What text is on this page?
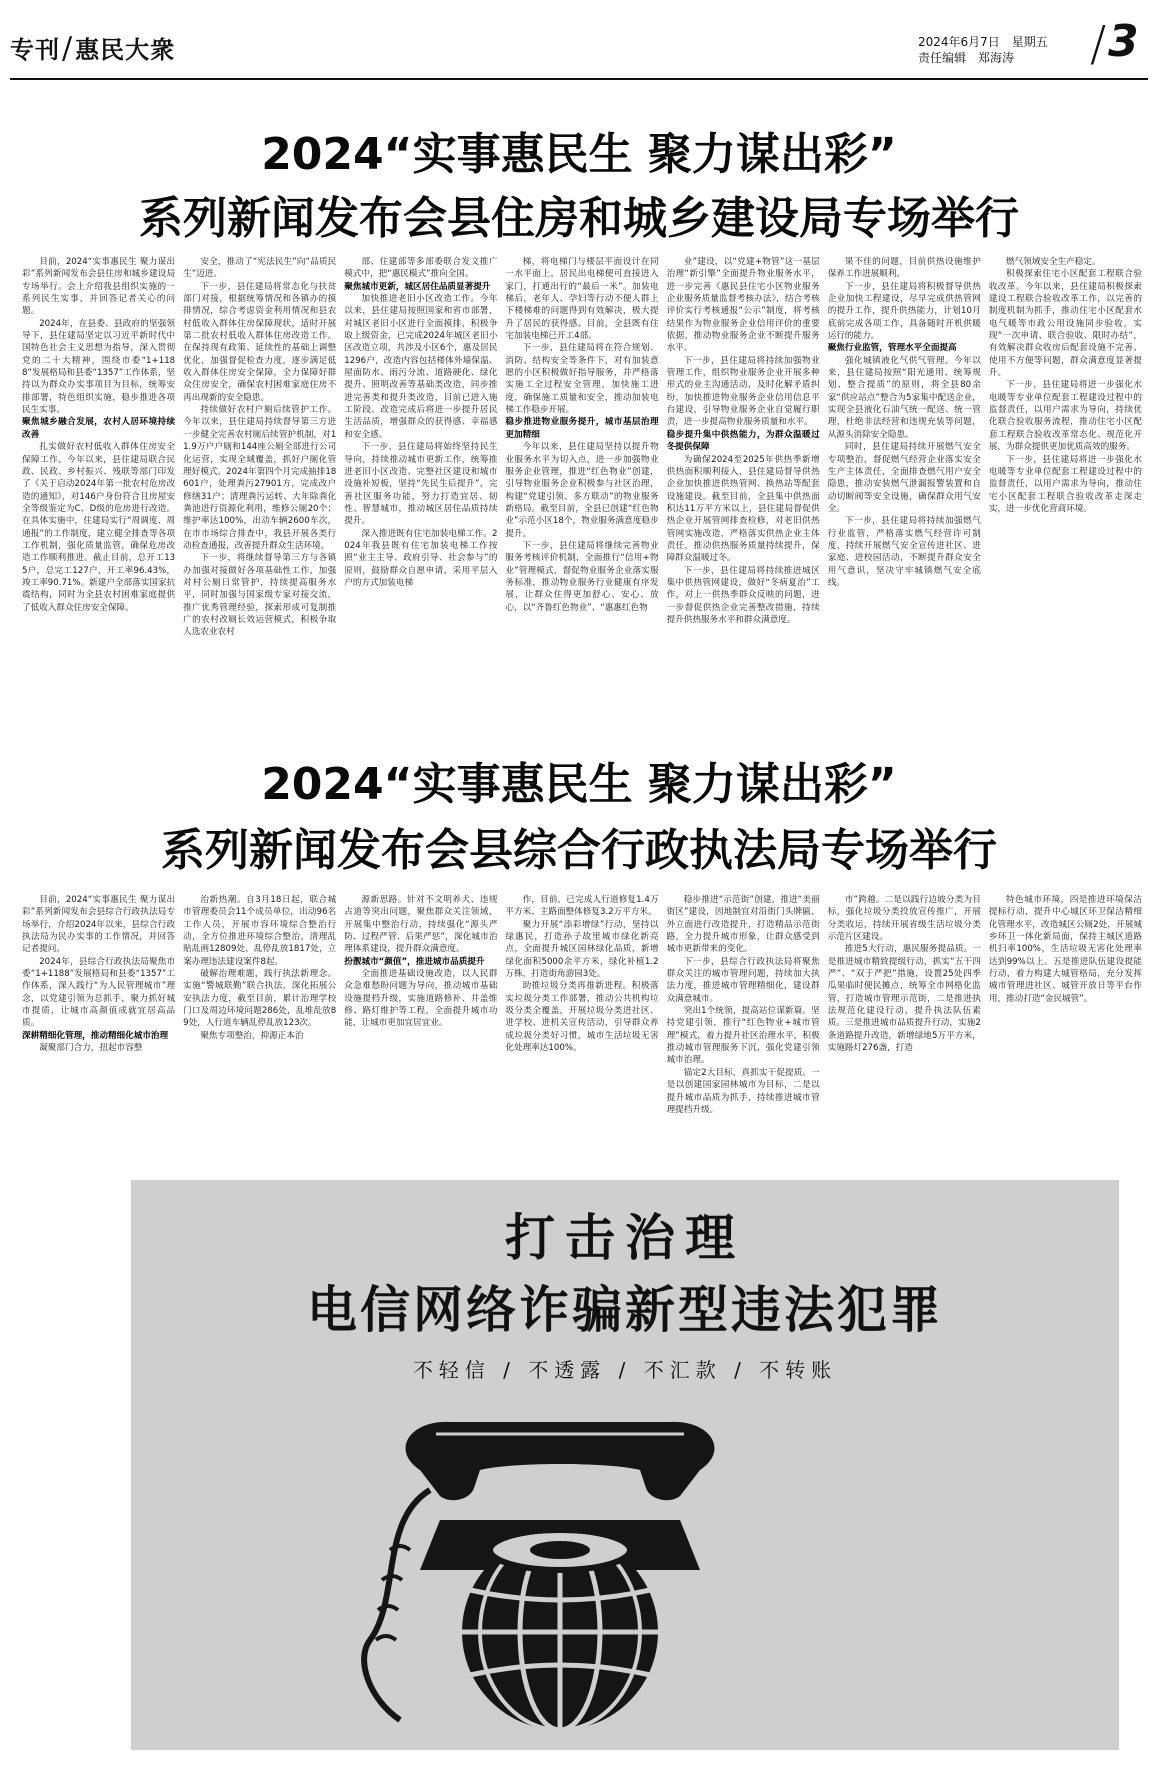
专刊/惠民大衆	2024年6月7日　星期五
责任编辑　郑海涛	/ 3
2024“实事惠民生 聚力谋出彩”
系列新闻发布会县住房和城乡建设局专场举行

目前，2024“实事惠民生 聚力谋出彩”系列新闻发布会县住房和城乡建设局专场举行。会上介绍我县组织实施的一系列民生实事，并回答记者关心的问题。

2024年，在县委、县政府的坚强领导下，县住建局坚定以习近平新时代中国特色社会主义思想为指导，深入贯彻党的二十大精神，围绕市委“1+1188”发展格局和县委“1357”工作体系，坚持以为群众办实事项目为目标，统筹安排部署，特色组织实施，稳步推进各项民生实事。

聚焦城乡融合发展，农村人居环境持续改善

扎实做好农村低收入群体住房安全保障工作。今年以来，县住建局联合民政、民政、乡村振兴、残联等部门印发了《关于启动2024年第一批农村危房改造的通知》，对146户身份符合且房屋安全等级鉴定为C、D级的危房进行改造。在具体实施中，住建局实行“周调度、周通报”的工作制度，建立健全排查等各项工作机制，强化质量监管，确保危房改造工作顺利推进。截止目前，总开工135户，总完工127户，开工率96.43%，竣工率90.71%。新建户全部落实国家抗震结构，同时为全县农村困难家庭提供了低收入群众住房安全保障。

安全，推动了“宪法民生”向“品质民生”迈进。

下一步，县住建局将常态化与扶贫部门对接，根据统筹情况和各镇办的摸排情况，综合考虑资金利用情况和县农村低收入群体住房保障现状，适时开展第二批农村低收入群体住房改造工作。在保持现有政策、延续性的基础上调整优化，加强督促检查力度，逐步满足低收入群体住房安全保障，全力保障好群众住房安全，确保农村困难家庭住房不再出现新的安全隐患。

持续做好农村户厕后续管护工作。今年以来，县住建局持续督导第三方进一步健全完善农村厕后续管护机制，对11.9万户户厕和144座公厕全部进行公司化运营，实现全域覆盖，抓好户厕化管理好模式。2024年第四个月完成抽排18601户，处理粪污27901方，完成改户修缮31户；清理粪污运转、大年除粪化粪池进行资源化利用，维修公厕20个；维护率达100%，出动车辆2600车次，在市市场综合排查中，我县开展各类行动检查通报，改善提升群众生活环境。

下一步，将继续督导第三方与各镇办加强对接做好各项基础性工作，加强对村公厕日常管护，持续提高服务水平，同时加强与国家级专家对接交流，推广优秀管理经验，探索形成可复制推广的农村改厕长效运营模式，积极争取人选农业农村

部、住建部等多部委联合发文推广模式中，把“惠民模式”推向全国。

聚焦城市更新，城区居住品质显著提升

加快推进老旧小区改造工作。今年以来，县住建局按照国家和省市部署，对城区老旧小区进行全面摸排，积极争取上级资金，已完成2024年城区老旧小区改造立项，共涉及小区6个，惠及居民1296户，改造内容包括楼体外墙保温、屋面防水、雨污分流、道路硬化、绿化提升、照明改善等基础类改造，同步推进完善类和提升类改造，目前已进入施工阶段。改造完成后将进一步提升居民生活品质，增强群众的获得感、幸福感和安全感。

下一步，县住建局将始终坚持民生导向，持续推动城市更新工作，统筹推进老旧小区改造、完整社区建设和城市设施补短板，坚持“先民生后提升”，完善社区服务功能，努力打造宜居、韧性、智慧城市，推动城区居住品质持续提升。

深入推进既有住宅加装电梯工作。2024年我县既有住宅加装电梯工作按照“业主主导、政府引导、社会参与”的原则，鼓励群众自愿申请，采用平层入户的方式加装电梯

梯，将电梯门与楼层平面设计在同一水平面上，居民出电梯便可直接进入家门，打通出行的“最后一米”。加装电梯后，老年人、孕妇等行动不便人群上下楼梯难的问题得到有效解决，极大提升了居民的获得感。目前，全县既有住宅加装电梯已开工4部。

下一步，县住建局将在符合规划、消防、结构安全等条件下，对有加装意愿的小区积极做好指导服务，并严格落实施工全过程安全管理，加快施工进度，确保施工质量和安全，推动加装电梯工作稳步开展。

稳步推进物业服务提升，城市基层治理更加精细

今年以来，县住建局坚持以提升物业服务水平为切入点，进一步加强物业服务企业管理，推进“红色物业”创建，引导物业服务企业积极参与社区治理，构建“党建引领、多方联动”的物业服务新格局。截至目前，全县已创建“红色物业”示范小区18个，物业服务满意度稳步提升。

下一步，县住建局将继续完善物业服务考核评价机制，全面推行“信用+物业”管理模式，督促物业服务企业落实服务标准，推动物业服务行业健康有序发展，让群众住得更加舒心、安心、放心，以“齐鲁红色物业”、“惠惠红色物

业”建设，以“党建+物管”这一基层治理“新引擎”全面提升物业服务水平，进一步完善《惠民县住宅小区物业服务企业服务质量监督考核办法》，结合考核评价实行考核通报“公示”制度，将考核结果作为物业服务企业信用评价的重要依据，推动物业服务企业不断提升服务水平。

下一步，县住建局将持续加强物业管理工作，组织物业服务企业开展多种形式的业主沟通活动，及时化解矛盾纠纷，加快推进物业服务企业信用信息平台建设，引导物业服务企业自觉履行职责，进一步提高物业服务质量和水平。

稳步提升集中供热能力，为群众温暖过冬提供保障

为确保2024至2025年供热季新增供热面积顺利接入，县住建局督导供热企业加快推进供热管网、换热站等配套设施建设。截至目前，全县集中供热面积达11万平方米以上，县住建局督促供热企业开展管网排查检修，对老旧供热管网实施改造，严格落实供热企业主体责任，推动供热服务质量持续提升，保障群众温暖过冬。

下一步，县住建局将持续推进城区集中供热管网建设，做好“冬病夏治”工作，对上一供热季群众反映的问题，进一步督促供热企业完善整改措施，持续提升供热服务水平和群众满意度。

果不佳的问题，目前供热设施维护保养工作进展顺利。

下一步，县住建局将积极督导供热企业加快工程建设，尽早完成供热管网的提升工作，提升供热能力，计划10月底前完成各项工作，具备随时开机供暖运行的能力。

聚焦行业监管，管理水平全面提高

强化城镇液化气供气管理。今年以来，县住建局按照“阳光通用、统筹规划、整合提质”的原则，将全县80余家“供应站点”整合为5家集中配送企业，实现全县液化石油气统一配送、统一管理，杜绝非法经营和违规充装等问题，从源头消除安全隐患。

同时，县住建局持续开展燃气安全专项整治，督促燃气经营企业落实安全生产主体责任，全面排查燃气用户安全隐患，推动安装燃气泄漏报警装置和自动切断阀等安全设施，确保群众用气安全。

下一步，县住建局将持续加强燃气行业监管，严格落实燃气经营许可制度，持续开展燃气安全宣传进社区、进家庭、进校园活动，不断提升群众安全用气意识，坚决守牢城镇燃气安全底线。

燃气领域安全生产稳定。

积极探索住宅小区配套工程联合验收改革。今年以来，县住建局积极探索建设工程联合验收改革工作，以完善的制度机制为抓手，推动住宅小区配套水电气暖等市政公用设施同步验收，实现“一次申请、联合验收、限时办结”，有效解决群众收房后配套设施不完善、使用不方便等问题，群众满意度显著提升。

下一步，县住建局将进一步强化水电暖等专业单位配套工程建设过程中的监督责任，以用户需求为导向，持续优化联合验收服务流程，推动住宅小区配套工程联合验收改革常态化、规范化开展，为群众提供更加优质高效的服务。

下一步，县住建局将进一步强化水电暖等专业单位配套工程建设过程中的监督责任，以用户需求为导向，推动住宅小区配套工程联合验收改革走深走实，进一步优化营商环境。

2024“实事惠民生 聚力谋出彩”
系列新闻发布会县综合行政执法局专场举行

目前，2024“实事惠民生 聚力谋出彩”系列新闻发布会县综合行政执法局专场举行，介绍2024年以来，县综合行政执法局为民办实事的工作情况，并回答记者提问。

2024年，县综合行政执法局聚焦市委“1+1188”发展格局和县委“1357”工作体系，深入践行“为人民管理城市”理念，以党建引领为总抓手，聚力抓好城市提质，让城市高颜值成就宜居高品质。

深耕精细化管理，推动精细化城市治理

凝聚部门合力，扭起市容整

治新热潮。自3月18日起，联合城市管理委员会11个成员单位，出动96名工作人员，开展市容环境综合整治行动，全方位推进环境综合整治，清理乱贴乱画12809处、乱停乱放1817处，立案办理违法建设案件8起。

破解治理难题，践行执法新理念。实施“警城联勤”联合执法，深化拓展公安执法力度，截至目前，累计治理学校门口及周边环境问题286处，乱堆乱放89处，人行道车辆乱停乱放123次。

聚焦专项整治，抑源正本治

源新思路。针对不文明养犬、违规占道等突出问题，聚焦群众关注领域，开展集中整治行动，持续强化“源头严防、过程严管、后果严惩”，深化城市治理体系建设，提升群众满意度。

扮靓城市“颜值”，推进城市品质提升

全面推进基础设施改造，以人民群众急难愁盼问题为导向，推动城市基础设施提档升级，实施道路修补、井盖维修、路灯维护等工程，全面提升城市功能，让城市更加宜居宜业。

作，目前，已完成人行道修复1.4万平方米、主路面整体修复3.2万平方米。

聚力开展“添彩增绿”行动，坚持以绿惠民，打造孙子故里城市绿化新亮点，全面提升城区园林绿化品质，新增绿化面积5000余平方米，绿化补植1.2万株，打造街角游园3处。

助推垃圾分类再推新进程。积极落实垃圾分类工作部署，推动公共机构垃圾分类全覆盖，开展垃圾分类进社区、进学校、进机关宣传活动，引导群众养成垃圾分类好习惯，城市生活垃圾无害化处理率达100%。

稳步推进“示范街”创建，推进“美丽街区”建设，因地制宜对沿街门头牌匾、外立面进行改造提升，打造精品示范街路，全力提升城市形象，让群众感受到城市更新带来的变化。

下一步，县综合行政执法局将聚焦群众关注的城市管理问题，持续加大执法力度，推进城市管理精细化，建设群众满意城市。

突出1个统领，提高站位谋新篇。坚持党建引领，推行“红色物业+城市管理”模式，着力提升社区治理水平，积极推动城市管理服务下沉，强化党建引领城市治理。

锚定2大目标，真抓实干促提质。一是以创建国家园林城市为目标，二是以提升城市品质为抓手，持续推进城市管理提档升级。

市”跨越。二是以践行边坡分类为目标，强化垃圾分类投放宣传推广，开展分类收运，持续开展省级生活垃圾分类示范片区建设。

推进5大行动，惠民服务提品质。一是推进城市精致提级行动，抓实“五干四严”、“双于严把”措施，设置25处四季瓜果临时便民摊点，统筹全市网格化监管，打造城市管理示范街，二是推进执法规范化建设行动，提升执法队伍素质。三是推进城市品质提升行动，实施2条道路提升改造，新增绿地5万平方米，实施路灯276盏，打造

特色城市环境，四是推进环境保洁提标行动，提升中心城区环卫保洁精细化管理水平，改造城区公厕2处，开展城乡环卫一体化新局面，保持主城区道路机扫率100%，生活垃圾无害化处理率达到99%以上。五是推进队伍建设提能行动，着力构建大城管格局，充分发挥城市管理进社区、城管开放日等平台作用，推动打造“金民城管”。

打击治理
电信网络诈骗新型违法犯罪
不轻信 / 不透露 / 不汇款 / 不转账
